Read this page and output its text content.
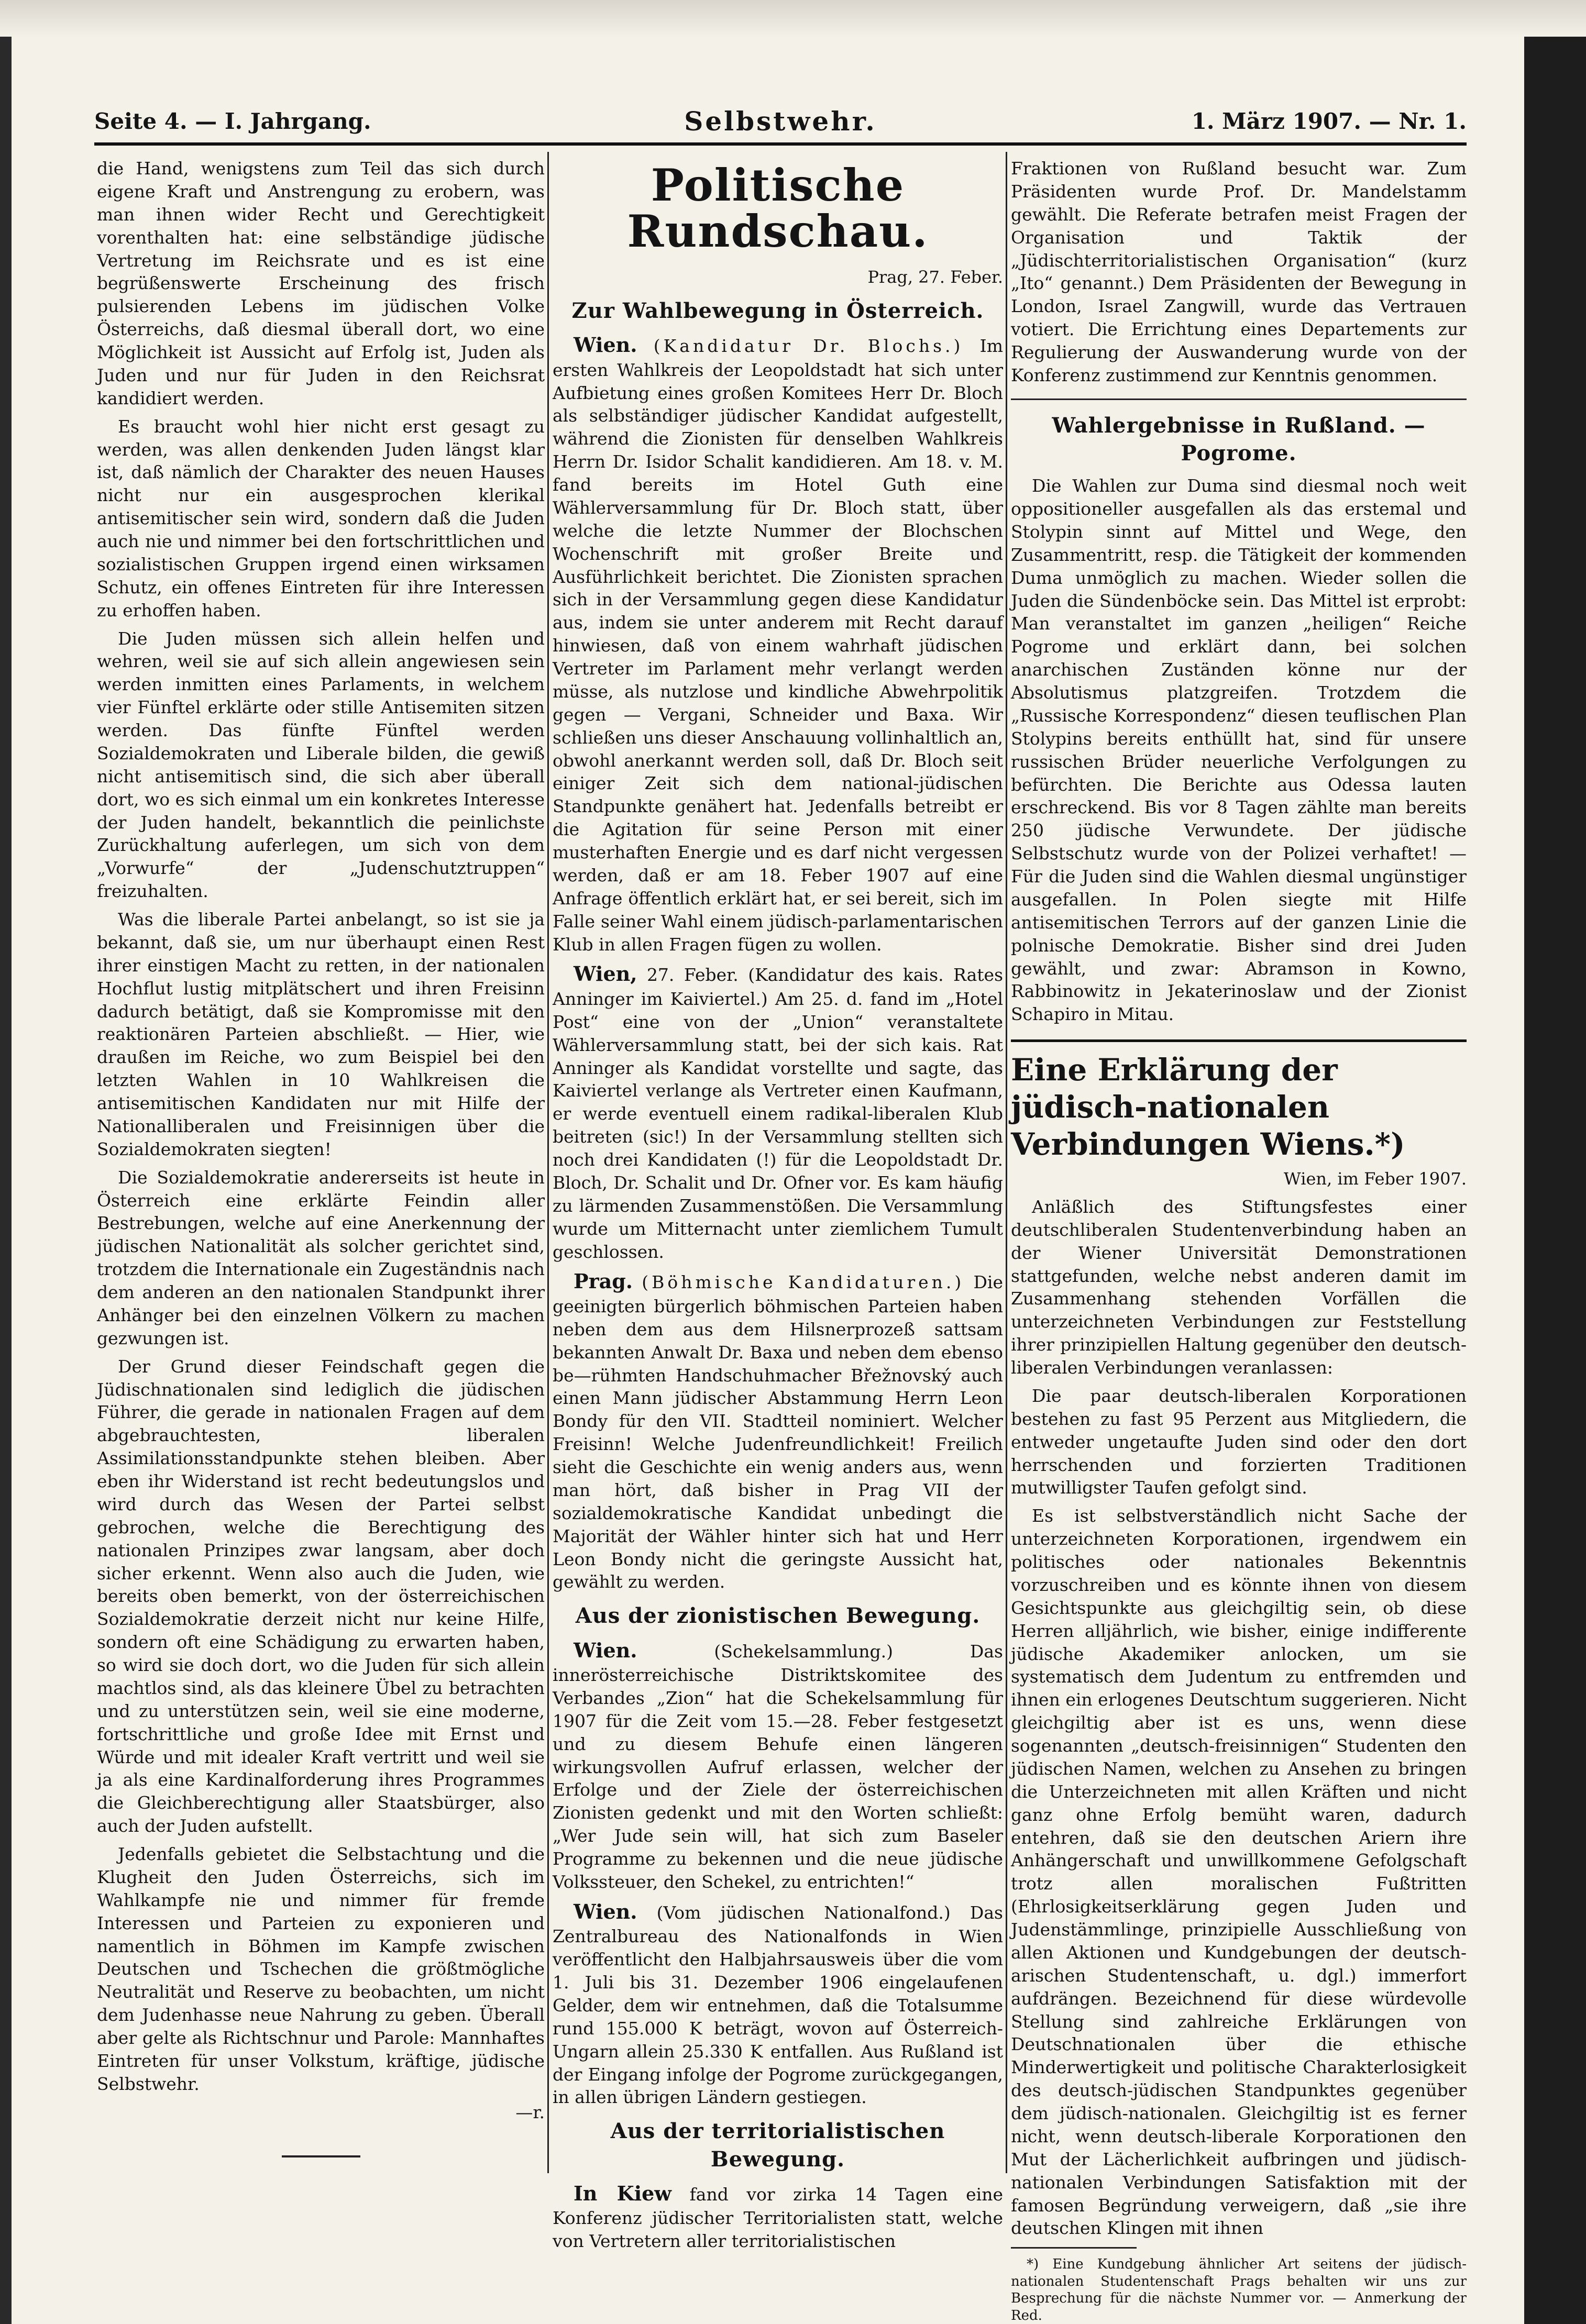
Seite 4. — I. Jahrgang.	Selbstwehr.	1. März 1907. — Nr. 1.

die Hand, wenigstens zum Teil das sich durch eigene Kraft und Anstrengung zu erobern, was man ihnen wider Recht und Gerechtigkeit vorenthalten hat: eine selbständige jüdische Vertretung im Reichsrate und es ist eine begrüßenswerte Erscheinung des frisch pulsierenden Lebens im jüdischen Volke Österreichs, daß diesmal überall dort, wo eine Möglichkeit ist Aussicht auf Erfolg ist, Juden als Juden und nur für Juden in den Reichsrat kandidiert werden.

Es braucht wohl hier nicht erst gesagt zu werden, was allen denkenden Juden längst klar ist, daß nämlich der Charakter des neuen Hauses nicht nur ein ausgesprochen klerikal antisemitischer sein wird, sondern daß die Juden auch nie und nimmer bei den fortschrittlichen und sozialistischen Gruppen irgend einen wirksamen Schutz, ein offenes Eintreten für ihre Interessen zu erhoffen haben.

Die Juden müssen sich allein helfen und wehren, weil sie auf sich allein angewiesen sein werden inmitten eines Parlaments, in welchem vier Fünftel erklärte oder stille Antisemiten sitzen werden. Das fünfte Fünftel werden Sozialdemokraten und Liberale bilden, die gewiß nicht antisemitisch sind, die sich aber überall dort, wo es sich einmal um ein konkretes Interesse der Juden handelt, bekanntlich die peinlichste Zurückhaltung auferlegen, um sich von dem „Vorwurfe“ der „Judenschutztruppen“ freizuhalten.

Was die liberale Partei anbelangt, so ist sie ja bekannt, daß sie, um nur überhaupt einen Rest ihrer einstigen Macht zu retten, in der nationalen Hochflut lustig mitplätschert und ihren Freisinn dadurch betätigt, daß sie Kompromisse mit den reaktionären Parteien abschließt. — Hier, wie draußen im Reiche, wo zum Beispiel bei den letzten Wahlen in 10 Wahlkreisen die antisemitischen Kandidaten nur mit Hilfe der Nationalliberalen und Freisinnigen über die Sozialdemokraten siegten!

Die Sozialdemokratie andererseits ist heute in Österreich eine erklärte Feindin aller Bestrebungen, welche auf eine Anerkennung der jüdischen Nationalität als solcher gerichtet sind, trotzdem die Internationale ein Zugeständnis nach dem anderen an den nationalen Standpunkt ihrer Anhänger bei den einzelnen Völkern zu machen gezwungen ist.

Der Grund dieser Feindschaft gegen die Jüdischnationalen sind lediglich die jüdischen Führer, die gerade in nationalen Fragen auf dem abgebrauchtesten, liberalen Assimilationsstandpunkte stehen bleiben. Aber eben ihr Widerstand ist recht bedeutungslos und wird durch das Wesen der Partei selbst gebrochen, welche die Berechtigung des nationalen Prinzipes zwar langsam, aber doch sicher erkennt. Wenn also auch die Juden, wie bereits oben bemerkt, von der österreichischen Sozialdemokratie derzeit nicht nur keine Hilfe, sondern oft eine Schädigung zu erwarten haben, so wird sie doch dort, wo die Juden für sich allein machtlos sind, als das kleinere Übel zu betrachten und zu unterstützen sein, weil sie eine moderne, fortschrittliche und große Idee mit Ernst und Würde und mit idealer Kraft vertritt und weil sie ja als eine Kardinalforderung ihres Programmes die Gleichberechtigung aller Staatsbürger, also auch der Juden aufstellt.

Jedenfalls gebietet die Selbstachtung und die Klugheit den Juden Österreichs, sich im Wahlkampfe nie und nimmer für fremde Interessen und Parteien zu exponieren und namentlich in Böhmen im Kampfe zwischen Deutschen und Tschechen die größtmögliche Neutralität und Reserve zu beobachten, um nicht dem Judenhasse neue Nahrung zu geben. Überall aber gelte als Richtschnur und Parole: Mannhaftes Eintreten für unser Volkstum, kräftige, jüdische Selbstwehr.

—r.
Politische Rundschau.
Prag, 27. Feber.
Zur Wahlbewegung in Österreich.

Wien. (Kandidatur Dr. Blochs.) Im ersten Wahlkreis der Leopoldstadt hat sich unter Aufbietung eines großen Komitees Herr Dr. Bloch als selbständiger jüdischer Kandidat aufgestellt, während die Zionisten für denselben Wahlkreis Herrn Dr. Isidor Schalit kandidieren. Am 18. v. M. fand bereits im Hotel Guth eine Wählerversammlung für Dr. Bloch statt, über welche die letzte Nummer der Blochschen Wochenschrift mit großer Breite und Ausführlichkeit berichtet. Die Zionisten sprachen sich in der Versammlung gegen diese Kandidatur aus, indem sie unter anderem mit Recht darauf hinwiesen, daß von einem wahrhaft jüdischen Vertreter im Parlament mehr verlangt werden müsse, als nutzlose und kindliche Abwehrpolitik gegen — Vergani, Schneider und Baxa. Wir schließen uns dieser Anschauung vollinhaltlich an, obwohl anerkannt werden soll, daß Dr. Bloch seit einiger Zeit sich dem national-jüdischen Standpunkte genähert hat. Jedenfalls betreibt er die Agitation für seine Person mit einer musterhaften Energie und es darf nicht vergessen werden, daß er am 18. Feber 1907 auf eine Anfrage öffentlich erklärt hat, er sei bereit, sich im Falle seiner Wahl einem jüdisch-parlamentarischen Klub in allen Fragen fügen zu wollen.

Wien, 27. Feber. (Kandidatur des kais. Rates Anninger im Kaiviertel.) Am 25. d. fand im „Hotel Post“ eine von der „Union“ veranstaltete Wählerversammlung statt, bei der sich kais. Rat Anninger als Kandidat vorstellte und sagte, das Kaiviertel verlange als Vertreter einen Kaufmann, er werde eventuell einem radikal-liberalen Klub beitreten (sic!) In der Versammlung stellten sich noch drei Kandidaten (!) für die Leopoldstadt Dr. Bloch, Dr. Schalit und Dr. Ofner vor. Es kam häufig zu lärmenden Zusammenstößen. Die Versammlung wurde um Mitternacht unter ziemlichem Tumult geschlossen.

Prag. (Böhmische Kandidaturen.) Die geeinigten bürgerlich böhmischen Parteien haben neben dem aus dem Hilsnerprozeß sattsam bekannten Anwalt Dr. Baxa und neben dem ebenso be—rühmten Handschuhmacher Břežnovský auch einen Mann jüdischer Abstammung Herrn Leon Bondy für den VII. Stadtteil nominiert. Welcher Freisinn! Welche Judenfreundlichkeit! Freilich sieht die Geschichte ein wenig anders aus, wenn man hört, daß bisher in Prag VII der sozialdemokratische Kandidat unbedingt die Majorität der Wähler hinter sich hat und Herr Leon Bondy nicht die geringste Aussicht hat, gewählt zu werden.

Aus der zionistischen Bewegung.

Wien.	(Schekelsammlung.)	Das innerösterreichische Distriktskomitee des Verbandes „Zion“ hat die Schekelsammlung für 1907 für die Zeit vom 15.—28. Feber festgesetzt und zu diesem Behufe einen längeren wirkungsvollen Aufruf erlassen, welcher der Erfolge und der Ziele der österreichischen Zionisten gedenkt und mit den Worten schließt: „Wer Jude sein will, hat sich zum Baseler Programme zu bekennen und die neue jüdische Volkssteuer, den Schekel, zu entrichten!“

Wien. (Vom jüdischen Nationalfond.) Das Zentralbureau des Nationalfonds in Wien veröffentlicht den Halbjahrsausweis über die vom 1. Juli bis 31. Dezember 1906 eingelaufenen Gelder, dem wir entnehmen, daß die Totalsumme rund 155.000 K beträgt, wovon auf Österreich-Ungarn allein 25.330 K entfallen. Aus Rußland ist der Eingang infolge der Pogrome zurückgegangen, in allen übrigen Ländern gestiegen.

Aus der territorialistischen Bewegung.

In Kiew fand vor zirka 14 Tagen eine Konferenz jüdischer Territorialisten statt, welche von Vertretern aller territorialistischen

Fraktionen von Rußland besucht war. Zum Präsidenten wurde Prof. Dr. Mandelstamm gewählt. Die Referate betrafen meist Fragen der Organisation und Taktik der „Jüdischterritorialistischen Organisation“ (kurz „Ito“ genannt.) Dem Präsidenten der Bewegung in London, Israel Zangwill, wurde das Vertrauen votiert. Die Errichtung eines Departements zur Regulierung der Auswanderung wurde von der Konferenz zustimmend zur Kenntnis genommen.

Wahlergebnisse in Rußland. — Pogrome.

Die Wahlen zur Duma sind diesmal noch weit oppositioneller ausgefallen als das erstemal und Stolypin sinnt auf Mittel und Wege, den Zusammentritt, resp. die Tätigkeit der kommenden Duma unmöglich zu machen. Wieder sollen die Juden die Sündenböcke sein. Das Mittel ist erprobt: Man veranstaltet im ganzen „heiligen“ Reiche Pogrome und erklärt dann, bei solchen anarchischen Zuständen könne nur der Absolutismus platzgreifen. Trotzdem die „Russische Korrespondenz“ diesen teuflischen Plan Stolypins bereits enthüllt hat, sind für unsere russischen Brüder neuerliche Verfolgungen zu befürchten. Die Berichte aus Odessa lauten erschreckend. Bis vor 8 Tagen zählte man bereits 250 jüdische Verwundete. Der jüdische Selbstschutz wurde von der Polizei verhaftet! — Für die Juden sind die Wahlen diesmal ungünstiger ausgefallen. In Polen siegte mit Hilfe antisemitischen Terrors auf der ganzen Linie die polnische Demokratie. Bisher sind drei Juden gewählt, und zwar: Abramson in Kowno, Rabbinowitz in Jekaterinoslaw und der Zionist Schapiro in Mitau.

Eine Erklärung der jüdisch-nationalen Verbindungen Wiens.*)
Wien, im Feber 1907.

Anläßlich des Stiftungsfestes einer deutschliberalen Studentenverbindung haben an der Wiener Universität Demonstrationen stattgefunden, welche nebst anderen damit im Zusammenhang stehenden Vorfällen die unterzeichneten Verbindungen zur Feststellung ihrer prinzipiellen Haltung gegenüber den deutsch-liberalen Verbindungen veranlassen:

Die paar deutsch-liberalen Korporationen bestehen zu fast 95 Perzent aus Mitgliedern, die entweder ungetaufte Juden sind oder den dort herrschenden und forzierten Traditionen mutwilligster Taufen gefolgt sind.

Es ist selbstverständlich nicht Sache der unterzeichneten Korporationen, irgendwem ein politisches oder nationales Bekenntnis vorzuschreiben und es könnte ihnen von diesem Gesichtspunkte aus gleichgiltig sein, ob diese Herren alljährlich, wie bisher, einige indifferente jüdische Akademiker anlocken, um sie systematisch dem Judentum zu entfremden und ihnen ein erlogenes Deutschtum suggerieren. Nicht gleichgiltig aber ist es uns, wenn diese sogenannten „deutsch-freisinnigen“ Studenten den jüdischen Namen, welchen zu Ansehen zu bringen die Unterzeichneten mit allen Kräften und nicht ganz ohne Erfolg bemüht waren, dadurch entehren, daß sie den deutschen Ariern ihre Anhängerschaft und unwillkommene Gefolgschaft trotz allen moralischen Fußtritten (Ehrlosigkeitserklärung gegen Juden und Judenstämmlinge, prinzipielle Ausschließung von allen Aktionen und Kundgebungen der deutsch-arischen Studentenschaft, u. dgl.) immerfort aufdrängen. Bezeichnend für diese würdevolle Stellung sind zahlreiche Erklärungen von Deutschnationalen über die ethische Minderwertigkeit und politische Charakterlosigkeit des deutsch-jüdischen Standpunktes gegenüber dem jüdisch-nationalen. Gleichgiltig ist es ferner nicht, wenn deutsch-liberale Korporationen den Mut der Lächerlichkeit aufbringen und jüdisch-nationalen Verbindungen Satisfaktion mit der famosen Begründung verweigern, daß „sie ihre deutschen Klingen mit ihnen

*) Eine Kundgebung ähnlicher Art seitens der jüdisch-nationalen Studentenschaft Prags behalten wir uns zur Besprechung für die nächste Nummer vor. — Anmerkung der Red.
